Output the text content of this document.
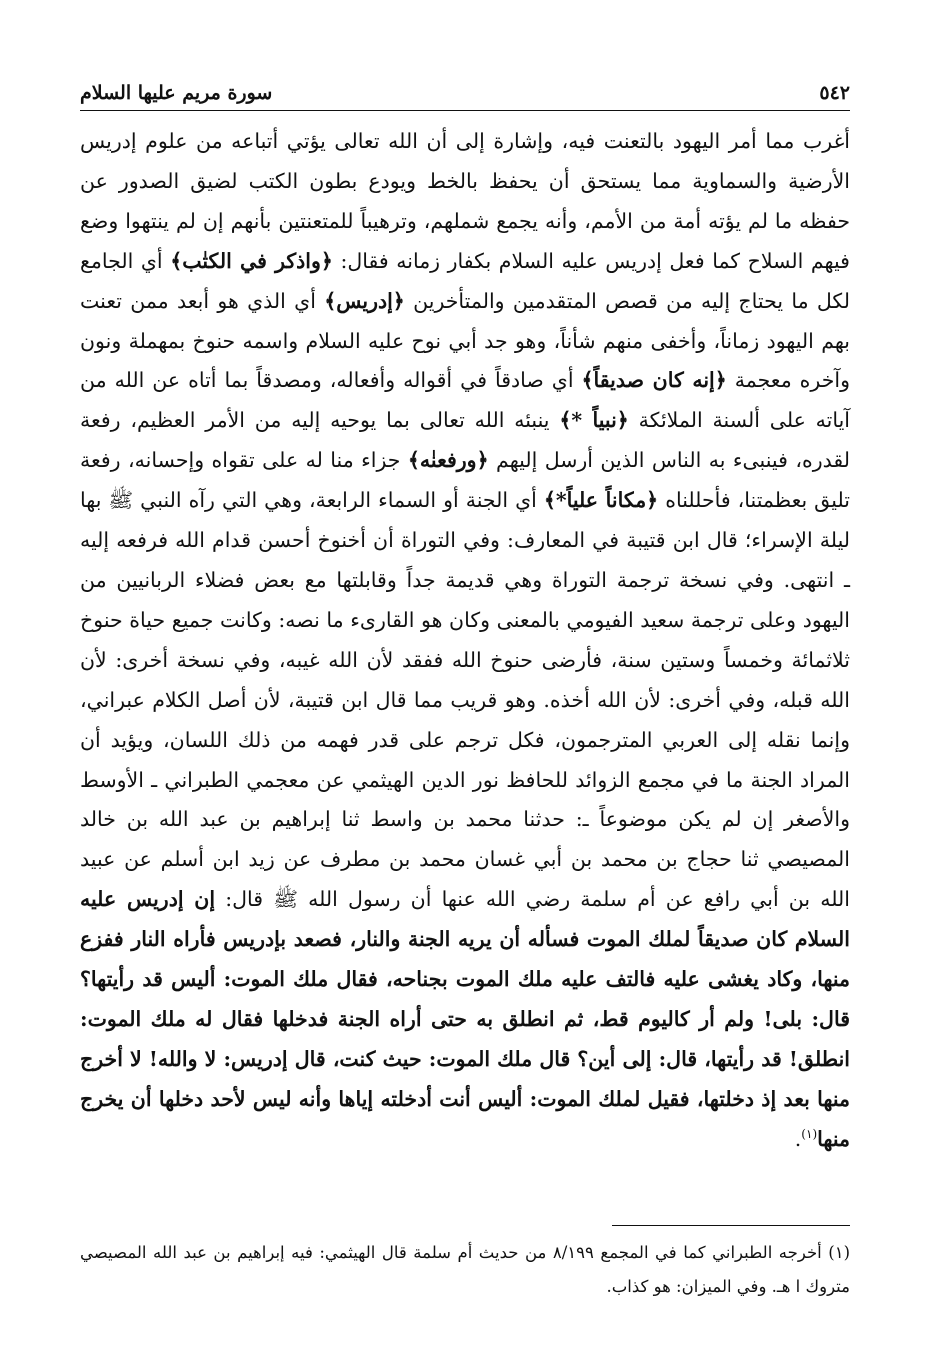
٥٤٢
سورة مريم عليها السلام

أغرب مما أمر اليهود بالتعنت فيه، وإشارة إلى أن الله تعالى يؤتي أتباعه من علوم إدريس الأرضية والسماوية مما يستحق أن يحفظ بالخط ويودع بطون الكتب لضيق الصدور عن حفظه ما لم يؤته أمة من الأمم، وأنه يجمع شملهم، وترهيباً للمتعنتين بأنهم إن لم ينتهوا وضع فيهم السلاح كما فعل إدريس عليه السلام بكفار زمانه فقال: ﴿واذكر في الكتٰب﴾ أي الجامع لكل ما يحتاج إليه من قصص المتقدمين والمتأخرين ﴿إدريس﴾ أي الذي هو أبعد ممن تعنت بهم اليهود زماناً، وأخفى منهم شأناً، وهو جد أبي نوح عليه السلام واسمه حنوخ بمهملة ونون وآخره معجمة ﴿إنه كان صديقاً﴾ أي صادقاً في أقواله وأفعاله، ومصدقاً بما أتاه عن الله من آياته على ألسنة الملائكة ﴿نبياً *﴾ ينبئه الله تعالى بما يوحيه إليه من الأمر العظيم، رفعة لقدره، فينبىء به الناس الذين أرسل إليهم ﴿ورفعنٰه﴾ جزاء منا له على تقواه وإحسانه، رفعة تليق بعظمتنا، فأحللناه ﴿مكاناً علياً*﴾ أي الجنة أو السماء الرابعة، وهي التي رآه النبي ﷺ بها ليلة الإسراء؛ قال ابن قتيبة في المعارف: وفي التوراة أن أخنوخ أحسن قدام الله فرفعه إليه ـ انتهى. وفي نسخة ترجمة التوراة وهي قديمة جداً وقابلتها مع بعض فضلاء الربانيين من اليهود وعلى ترجمة سعيد الفيومي بالمعنى وكان هو القارىء ما نصه: وكانت جميع حياة حنوخ ثلاثمائة وخمساً وستين سنة، فأرضى حنوخ الله ففقد لأن الله غيبه، وفي نسخة أخرى: لأن الله قبله، وفي أخرى: لأن الله أخذه. وهو قريب مما قال ابن قتيبة، لأن أصل الكلام عبراني، وإنما نقله إلى العربي المترجمون، فكل ترجم على قدر فهمه من ذلك اللسان، ويؤيد أن المراد الجنة ما في مجمع الزوائد للحافظ نور الدين الهيثمي عن معجمي الطبراني ـ الأوسط والأصغر إن لم يكن موضوعاً ـ: حدثنا محمد بن واسط ثنا إبراهيم بن عبد الله بن خالد المصيصي ثنا حجاج بن محمد بن أبي غسان محمد بن مطرف عن زيد ابن أسلم عن عبيد الله بن أبي رافع عن أم سلمة رضي الله عنها أن رسول الله ﷺ قال: إن إدريس عليه السلام كان صديقاً لملك الموت فسأله أن يريه الجنة والنار، فصعد بإدريس فأراه النار ففزع منها، وكاد يغشى عليه فالتف عليه ملك الموت بجناحه، فقال ملك الموت: أليس قد رأيتها؟ قال: بلى! ولم أر كاليوم قط، ثم انطلق به حتى أراه الجنة فدخلها فقال له ملك الموت: انطلق! قد رأيتها، قال: إلى أين؟ قال ملك الموت: حيث كنت، قال إدريس: لا والله! لا أخرج منها بعد إذ دخلتها، فقيل لملك الموت: أليس أنت أدخلته إياها وأنه ليس لأحد دخلها أن يخرج منها$^{(١)}$.

(١) أخرجه الطبراني كما في المجمع ٨/١٩٩ من حديث أم سلمة قال الهيثمي: فيه إبراهيم بن عبد الله المصيصي متروك ا هـ. وفي الميزان: هو كذاب.
